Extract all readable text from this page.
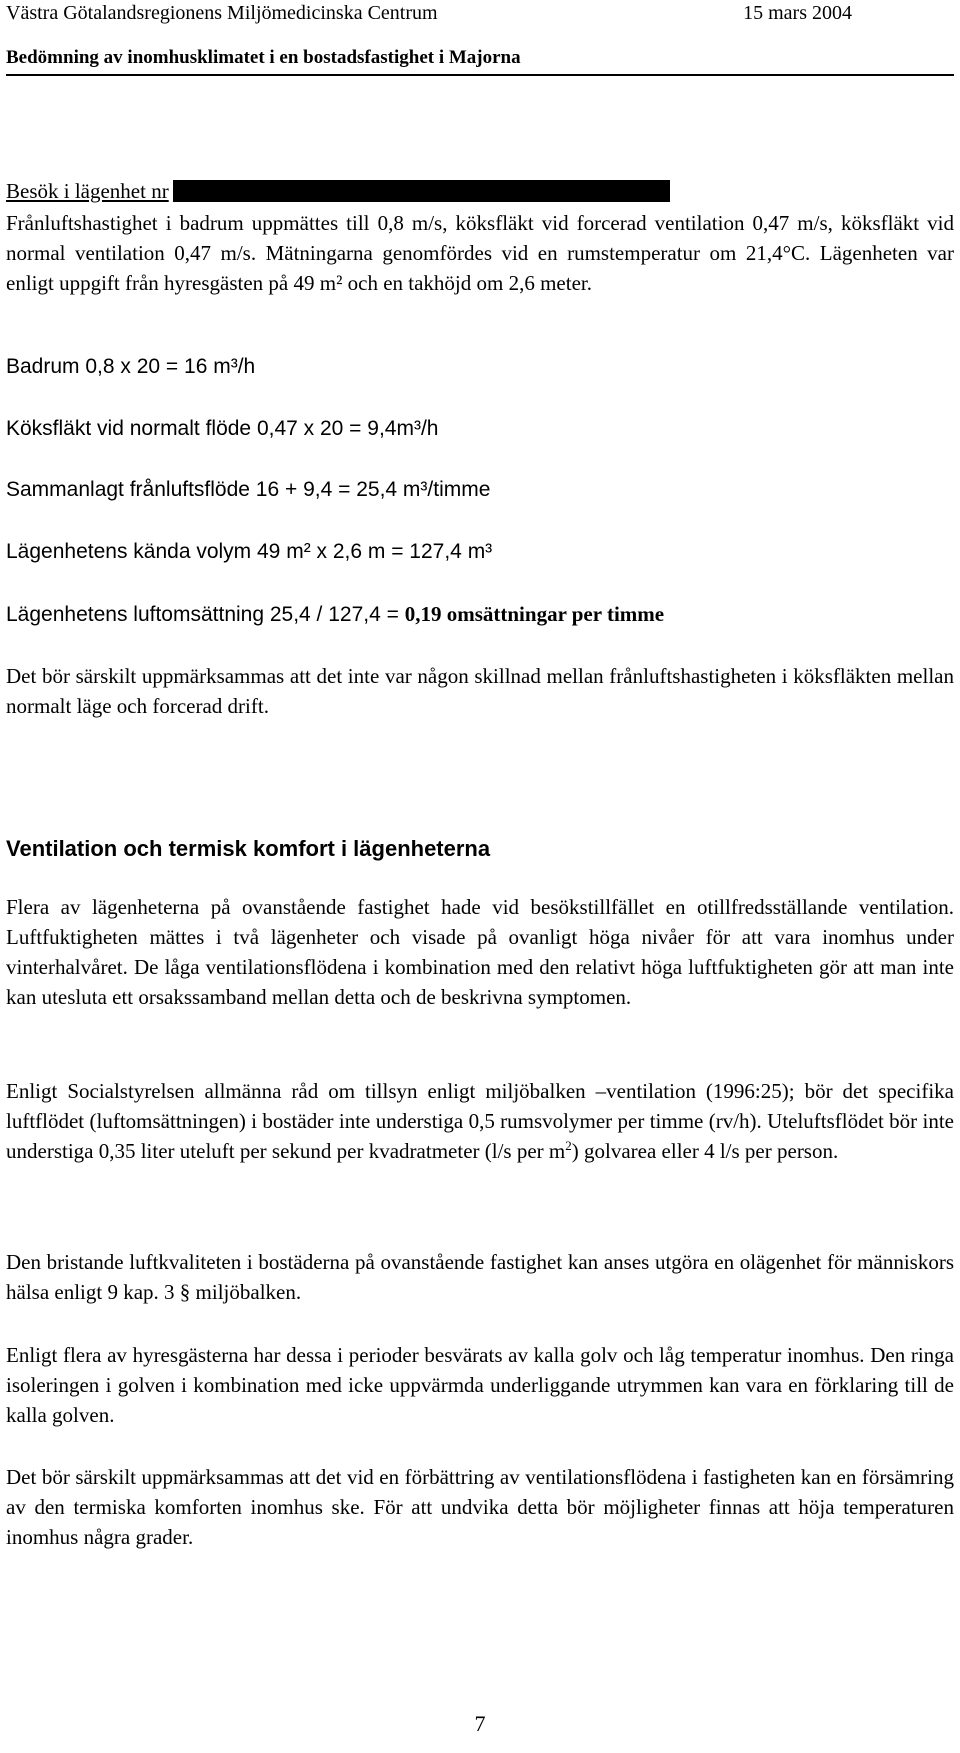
Västra Götalandsregionens Miljömedicinska Centrum	15 mars 2004
Bedömning av inomhusklimatet i en bostadsfastighet i Majorna
Besök i lägenhet nr

Frånluftshastighet i badrum uppmättes till 0,8 m/s, köksfläkt vid forcerad ventilation 0,47 m/s, köksfläkt vid normal ventilation 0,47 m/s. Mätningarna genomfördes vid en rumstemperatur om 21,4°C. Lägenheten var enligt uppgift från hyresgästen på 49 m² och en takhöjd om 2,6 meter.

Badrum 0,8 x 20 = 16 m³/h

Köksfläkt vid normalt flöde 0,47 x 20 = 9,4m³/h

Sammanlagt frånluftsflöde 16 + 9,4 = 25,4 m³/timme

Lägenhetens kända volym 49 m² x 2,6 m = 127,4 m³

Lägenhetens luftomsättning 25,4 / 127,4 = 0,19 omsättningar per timme

Det bör särskilt uppmärksammas att det inte var någon skillnad mellan frånluftshastigheten i köksfläkten mellan normalt läge och forcerad drift.

Ventilation och termisk komfort i lägenheterna

Flera av lägenheterna på ovanstående fastighet hade vid besökstillfället en otillfredsställande ventilation. Luftfuktigheten mättes i två lägenheter och visade på ovanligt höga nivåer för att vara inomhus under vinterhalvåret. De låga ventilationsflödena i kombination med den relativt höga luftfuktigheten gör att man inte kan utesluta ett orsakssamband mellan detta och de beskrivna symptomen.

Enligt Socialstyrelsen allmänna råd om tillsyn enligt miljöbalken –ventilation (1996:25); bör det specifika luftflödet (luftomsättningen) i bostäder inte understiga 0,5 rumsvolymer per timme (rv/h). Uteluftsflödet bör inte understiga 0,35 liter uteluft per sekund per kvadratmeter (l/s per $m^2$) golvarea eller 4 l/s per person.

Den bristande luftkvaliteten i bostäderna på ovanstående fastighet kan anses utgöra en olägenhet för människors hälsa enligt 9 kap. 3 § miljöbalken.

Enligt flera av hyresgästerna har dessa i perioder besvärats av kalla golv och låg temperatur inomhus. Den ringa isoleringen i golven i kombination med icke uppvärmda underliggande utrymmen kan vara en förklaring till de kalla golven.

Det bör särskilt uppmärksammas att det vid en förbättring av ventilationsflödena i fastigheten kan en försämring av den termiska komforten inomhus ske. För att undvika detta bör möjligheter finnas att höja temperaturen inomhus några grader.

7
